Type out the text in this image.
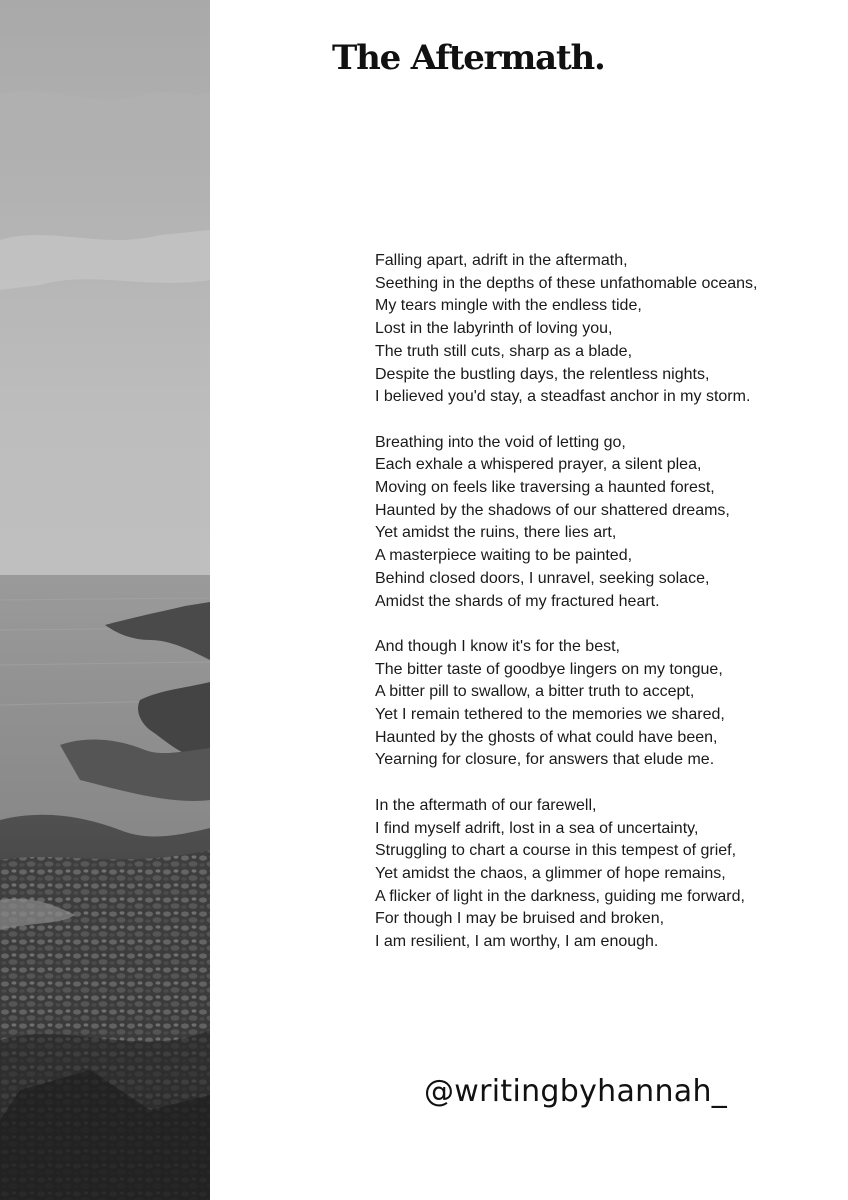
The Aftermath.

Falling apart, adrift in the aftermath,
Seething in the depths of these unfathomable oceans,
My tears mingle with the endless tide,
Lost in the labyrinth of loving you,
The truth still cuts, sharp as a blade,
Despite the bustling days, the relentless nights,
I believed you'd stay, a steadfast anchor in my storm.

Breathing into the void of letting go,
Each exhale a whispered prayer, a silent plea,
Moving on feels like traversing a haunted forest,
Haunted by the shadows of our shattered dreams,
Yet amidst the ruins, there lies art,
A masterpiece waiting to be painted,
Behind closed doors, I unravel, seeking solace,
Amidst the shards of my fractured heart.

And though I know it's for the best,
The bitter taste of goodbye lingers on my tongue,
A bitter pill to swallow, a bitter truth to accept,
Yet I remain tethered to the memories we shared,
Haunted by the ghosts of what could have been,
Yearning for closure, for answers that elude me.

In the aftermath of our farewell,
I find myself adrift, lost in a sea of uncertainty,
Struggling to chart a course in this tempest of grief,
Yet amidst the chaos, a glimmer of hope remains,
A flicker of light in the darkness, guiding me forward,
For though I may be bruised and broken,
I am resilient, I am worthy, I am enough.

@writingbyhannah_
